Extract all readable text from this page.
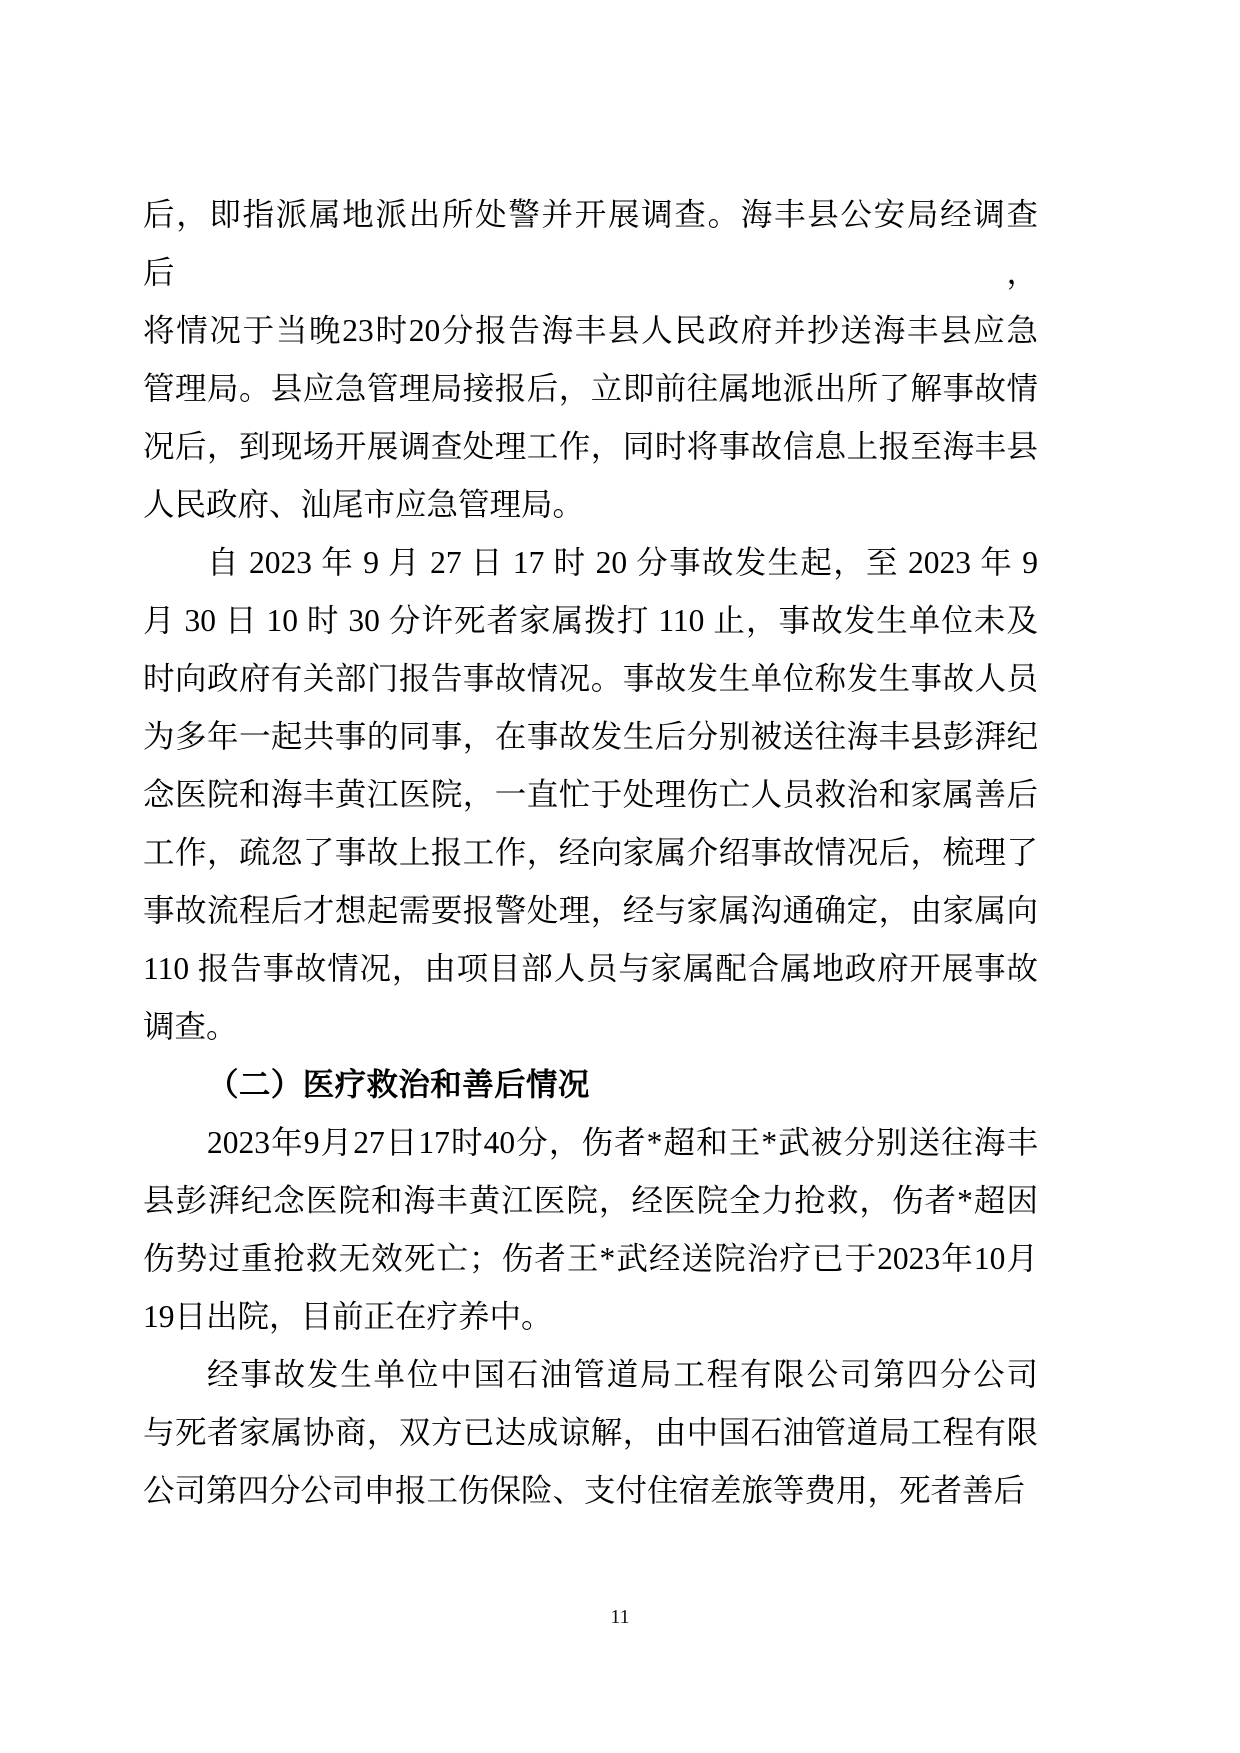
后，即指派属地派出所处警并开展调查。海丰县公安局经调查后，
将情况于当晚23时20分报告海丰县人民政府并抄送海丰县应急
管理局。县应急管理局接报后，立即前往属地派出所了解事故情
况后，到现场开展调查处理工作，同时将事故信息上报至海丰县
人民政府、汕尾市应急管理局。
自 2023 年 9 月 27 日 17 时 20 分事故发生起，至 2023 年 9
月 30 日 10 时 30 分许死者家属拨打 110 止，事故发生单位未及
时向政府有关部门报告事故情况。事故发生单位称发生事故人员
为多年一起共事的同事，在事故发生后分别被送往海丰县彭湃纪
念医院和海丰黄江医院，一直忙于处理伤亡人员救治和家属善后
工作，疏忽了事故上报工作，经向家属介绍事故情况后，梳理了
事故流程后才想起需要报警处理，经与家属沟通确定，由家属向
110 报告事故情况，由项目部人员与家属配合属地政府开展事故
调查。
（二）医疗救治和善后情况
2023年9月27日17时40分，伤者*超和王*武被分别送往海丰
县彭湃纪念医院和海丰黄江医院，经医院全力抢救，伤者*超因
伤势过重抢救无效死亡；伤者王*武经送院治疗已于2023年10月
19日出院，目前正在疗养中。
经事故发生单位中国石油管道局工程有限公司第四分公司
与死者家属协商，双方已达成谅解，由中国石油管道局工程有限
公司第四分公司申报工伤保险、支付住宿差旅等费用，死者善后
11
